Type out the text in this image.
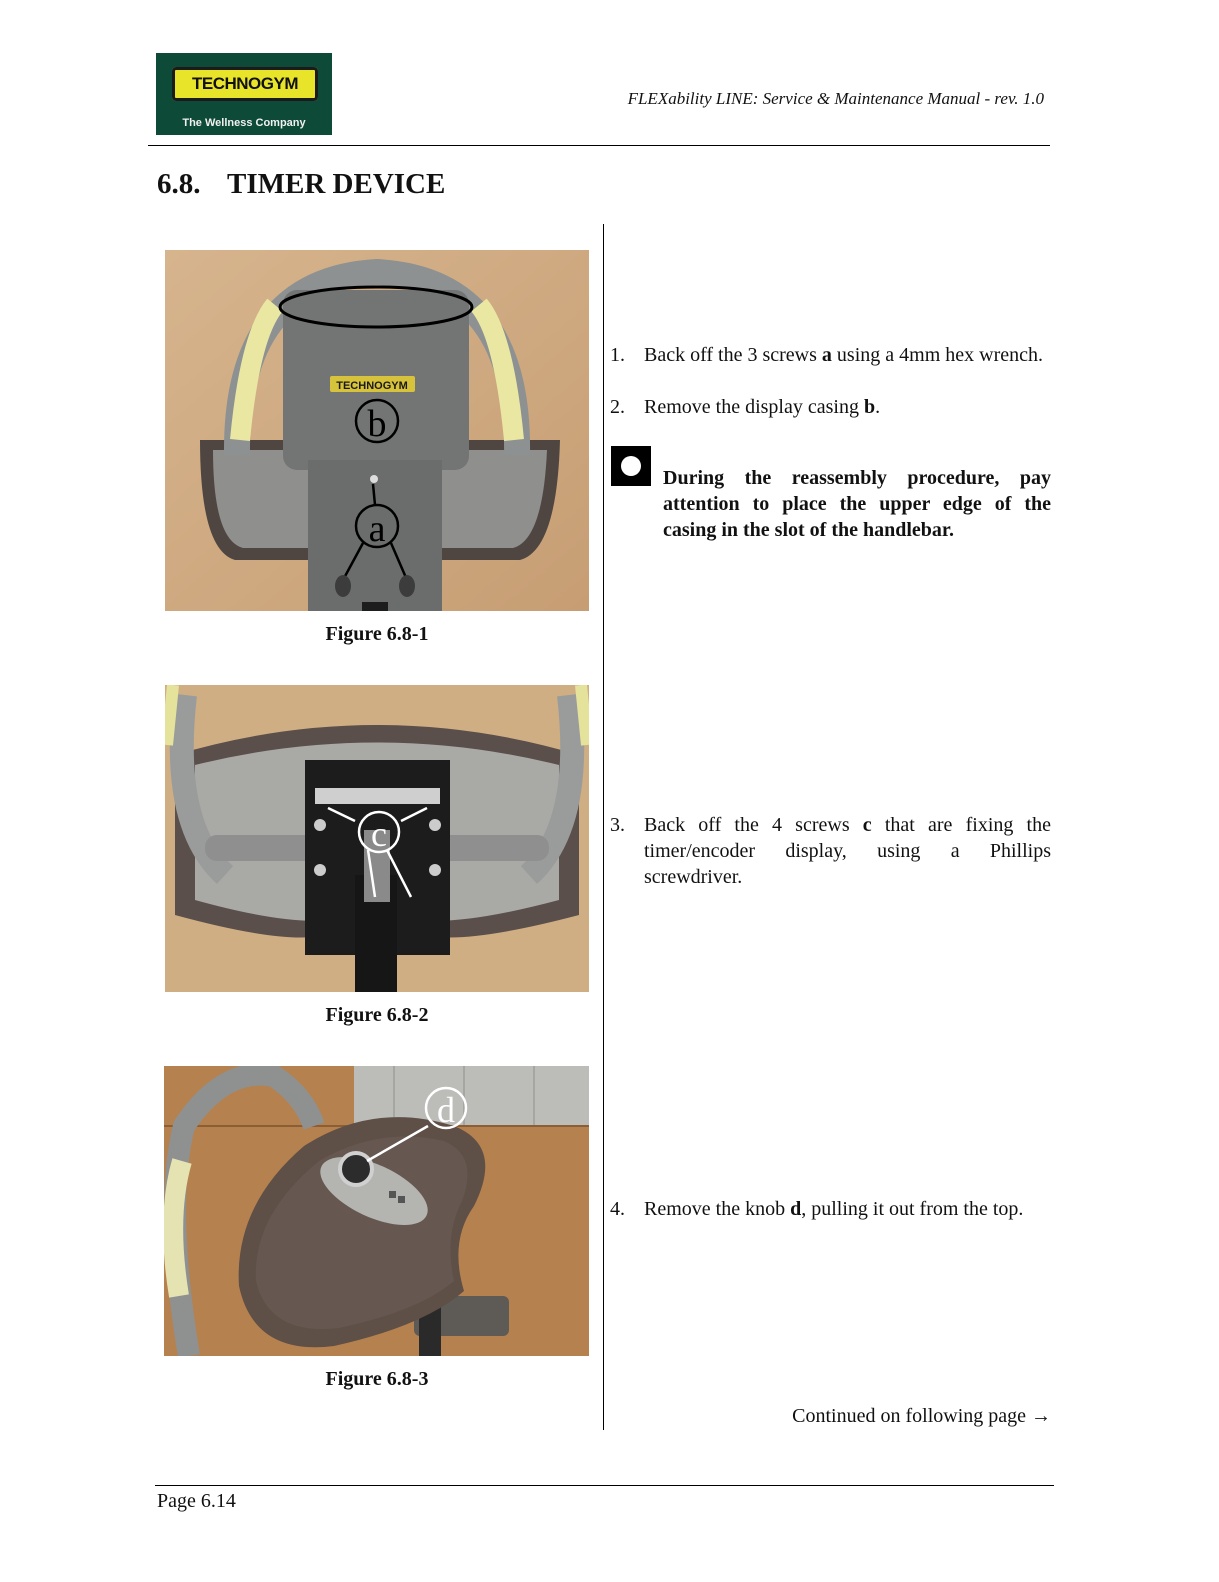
TECHNOGYM
The Wellness Company
FLEXability LINE: Service & Maintenance Manual - rev. 1.0
6.8. TIMER DEVICE
TECHNOGYM
b
a
Figure 6.8-1
c
Figure 6.8-2
d
Figure 6.8-3
1. Back off the 3 screws a using a 4mm hex wrench.
2. Remove the display casing b.
During the reassembly procedure, pay attention to place the upper edge of the casing in the slot of the handlebar.
3. Back off the 4 screws c that are fixing the timer/encoder display, using a Phillips screwdriver.
4. Remove the knob d, pulling it out from the top.
Continued on following page →
Page 6.14
